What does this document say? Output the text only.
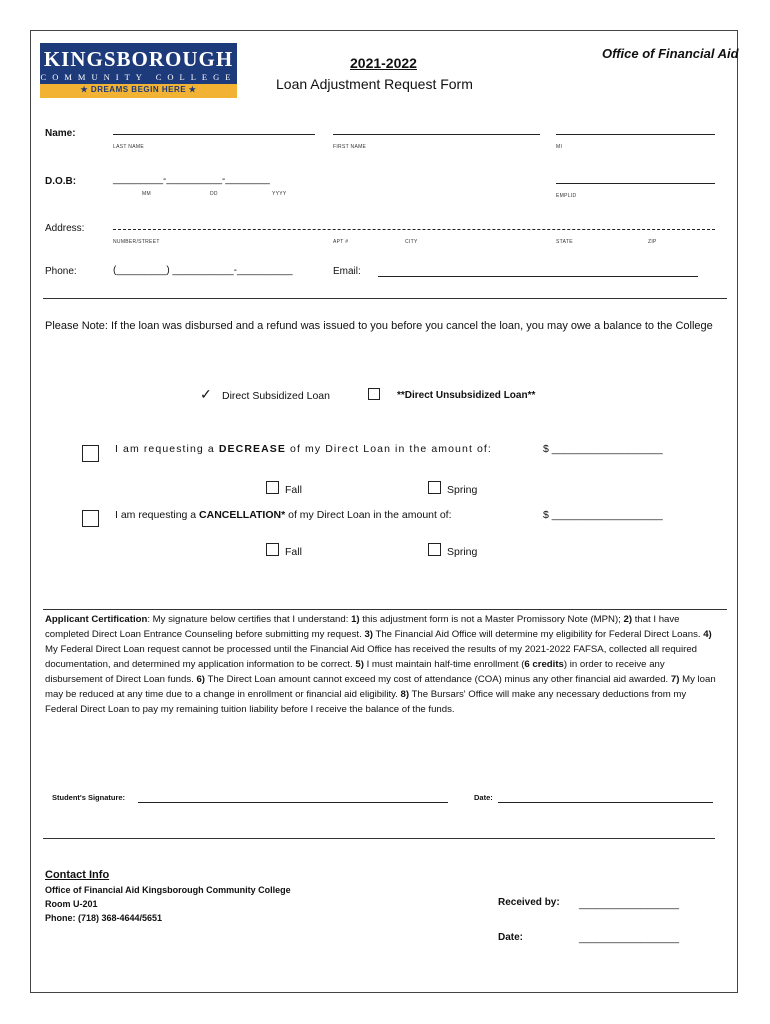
KINGSBOROUGH
COMMUNITY COLLEGE
★ DREAMS BEGIN HERE ★
2021-2022
Loan Adjustment Request Form
Office of Financial Aid
Name:
LAST NAME	FIRST NAME	MI
D.O.B:	_________-__________-________
MM	DD	YYYY	EMPLID
Address:
NUMBER/STREET	APT #	CITY	STATE	ZIP
Phone:	(_________) ___________-__________	Email:
Please Note: If the loan was disbursed and a refund was issued to you before you cancel the loan, you may owe a balance to the College
✓ Direct Subsidized Loan	**Direct Unsubsidized Loan**
I am requesting a DECREASE of my Direct Loan in the amount of:	$ ___________________
Fall	Spring
I am requesting a CANCELLATION* of my Direct Loan in the amount of:	$ ___________________
Fall	Spring
Applicant Certification: My signature below certifies that I understand: 1) this adjustment form is not a Master Promissory Note (MPN); 2) that I have completed Direct Loan Entrance Counseling before submitting my request. 3) The Financial Aid Office will determine my eligibility for Federal Direct Loans. 4) My Federal Direct Loan request cannot be processed until the Financial Aid Office has received the results of my 2021-2022 FAFSA, collected all required documentation, and determined my application information to be correct. 5) I must maintain half-time enrollment (6 credits) in order to receive any disbursement of Direct Loan funds. 6) The Direct Loan amount cannot exceed my cost of attendance (COA) minus any other financial aid awarded. 7) My loan may be reduced at any time due to a change in enrollment or financial aid eligibility. 8) The Bursars' Office will make any necessary deductions from my Federal Direct Loan to pay my remaining tuition liability before I receive the balance of the funds.
Student's Signature:	Date:
Contact Info
Office of Financial Aid Kingsborough Community College
Room U-201
Phone: (718) 368-4644/5651
Received by: __________________
Date:	__________________
